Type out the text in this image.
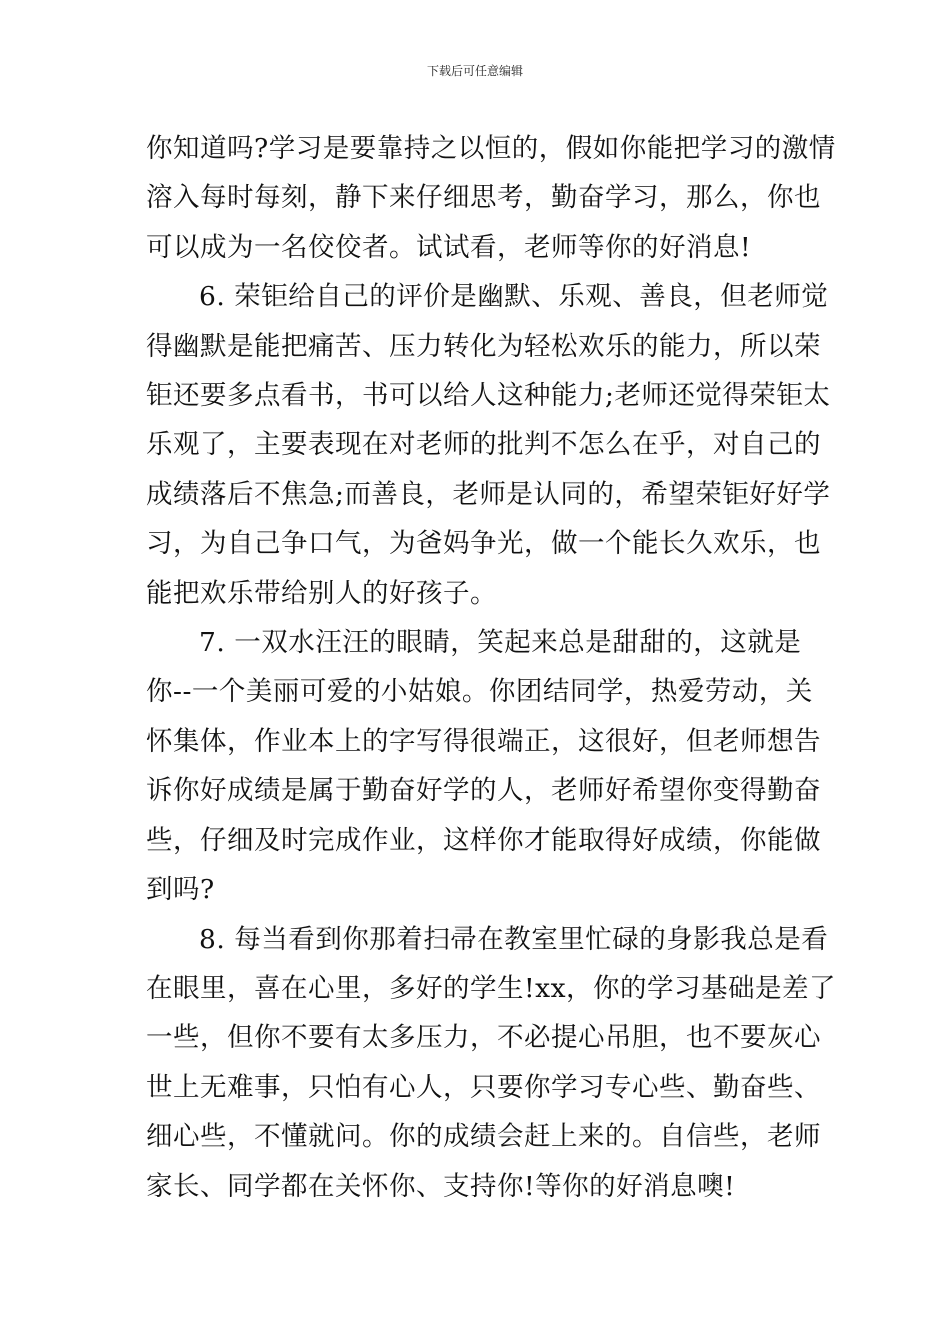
下载后可任意编辑

你知道吗?学习是要靠持之以恒的，假如你能把学习的激情
溶入每时每刻，静下来仔细思考，勤奋学习，那么，你也
可以成为一名佼佼者。试试看，老师等你的好消息!

6. 荣钜给自己的评价是幽默、乐观、善良，但老师觉
得幽默是能把痛苦、压力转化为轻松欢乐的能力，所以荣
钜还要多点看书，书可以给人这种能力;老师还觉得荣钜太
乐观了，主要表现在对老师的批判不怎么在乎，对自己的
成绩落后不焦急;而善良，老师是认同的，希望荣钜好好学
习，为自己争口气，为爸妈争光，做一个能长久欢乐，也
能把欢乐带给别人的好孩子。

7. 一双水汪汪的眼睛，笑起来总是甜甜的，这就是
你--一个美丽可爱的小姑娘。你团结同学，热爱劳动，关
怀集体，作业本上的字写得很端正，这很好，但老师想告
诉你好成绩是属于勤奋好学的人，老师好希望你变得勤奋
些，仔细及时完成作业，这样你才能取得好成绩，你能做
到吗?

8. 每当看到你那着扫帚在教室里忙碌的身影我总是看
在眼里，喜在心里，多好的学生!xx，你的学习基础是差了
一些，但你不要有太多压力，不必提心吊胆，也不要灰心
世上无难事，只怕有心人，只要你学习专心些、勤奋些、
细心些，不懂就问。你的成绩会赶上来的。自信些，老师
家长、同学都在关怀你、支持你!等你的好消息噢!
